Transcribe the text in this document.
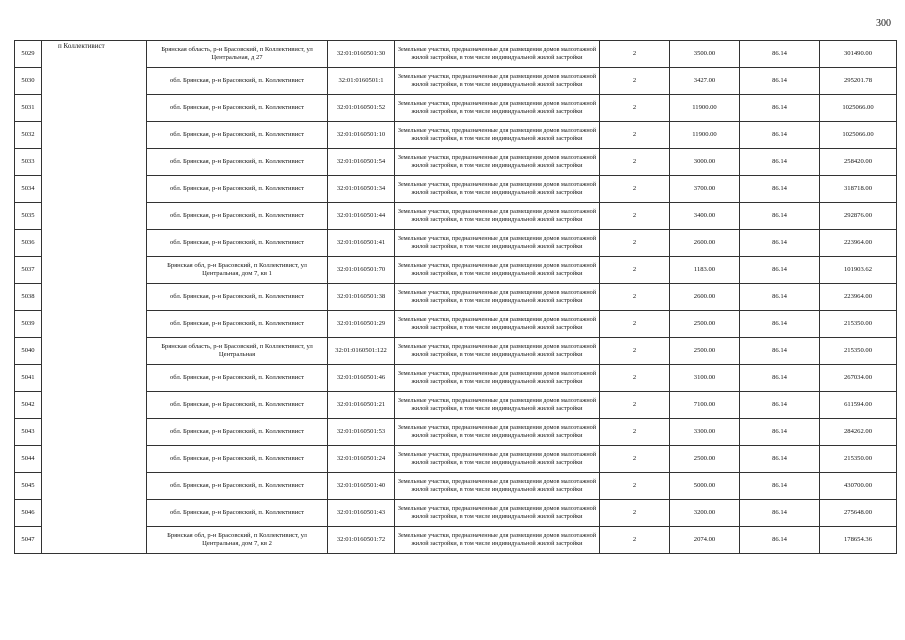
300
5029	п Коллективист	Брянская область, р-н Брасовский, п Коллективист, ул Центральная, д 27	32:01:0160501:30	Земельные участки, предназначенные для размещения домов малоэтажной жилой застройки, в том числе индивидуальной жилой застройки	2	3500.00	86.14	301490.00
5030		обл. Брянская, р-н Брасовский, п. Коллективист	32:01:0160501:1	Земельные участки, предназначенные для размещения домов малоэтажной жилой застройки, в том числе индивидуальной жилой застройки	2	3427.00	86.14	295201.78
5031		обл. Брянская, р-н Брасовский, п. Коллективист	32:01:0160501:52	Земельные участки, предназначенные для размещения домов малоэтажной жилой застройки, в том числе индивидуальной жилой застройки	2	11900.00	86.14	1025066.00
5032		обл. Брянская, р-н Брасовский, п. Коллективист	32:01:0160501:10	Земельные участки, предназначенные для размещения домов малоэтажной жилой застройки, в том числе индивидуальной жилой застройки	2	11900.00	86.14	1025066.00
5033		обл. Брянская, р-н Брасовский, п. Коллективист	32:01:0160501:54	Земельные участки, предназначенные для размещения домов малоэтажной жилой застройки, в том числе индивидуальной жилой застройки	2	3000.00	86.14	258420.00
5034		обл. Брянская, р-н Брасовский, п. Коллективист	32:01:0160501:34	Земельные участки, предназначенные для размещения домов малоэтажной жилой застройки, в том числе индивидуальной жилой застройки	2	3700.00	86.14	318718.00
5035		обл. Брянская, р-н Брасовский, п. Коллективист	32:01:0160501:44	Земельные участки, предназначенные для размещения домов малоэтажной жилой застройки, в том числе индивидуальной жилой застройки	2	3400.00	86.14	292876.00
5036		обл. Брянская, р-н Брасовский, п. Коллективист	32:01:0160501:41	Земельные участки, предназначенные для размещения домов малоэтажной жилой застройки, в том числе индивидуальной жилой застройки	2	2600.00	86.14	223964.00
5037		Брянская обл, р-н Брасовский, п Коллективист, ул Центральная, дом 7, кв 1	32:01:0160501:70	Земельные участки, предназначенные для размещения домов малоэтажной жилой застройки, в том числе индивидуальной жилой застройки	2	1183.00	86.14	101903.62
5038		обл. Брянская, р-н Брасовский, п. Коллективист	32:01:0160501:38	Земельные участки, предназначенные для размещения домов малоэтажной жилой застройки, в том числе индивидуальной жилой застройки	2	2600.00	86.14	223964.00
5039		обл. Брянская, р-н Брасовский, п. Коллективист	32:01:0160501:29	Земельные участки, предназначенные для размещения домов малоэтажной жилой застройки, в том числе индивидуальной жилой застройки	2	2500.00	86.14	215350.00
5040		Брянская область, р-н Брасовский, п Коллективист, ул Центральная	32:01:0160501:122	Земельные участки, предназначенные для размещения домов малоэтажной жилой застройки, в том числе индивидуальной жилой застройки	2	2500.00	86.14	215350.00
5041		обл. Брянская, р-н Брасовский, п. Коллективист	32:01:0160501:46	Земельные участки, предназначенные для размещения домов малоэтажной жилой застройки, в том числе индивидуальной жилой застройки	2	3100.00	86.14	267034.00
5042		обл. Брянская, р-н Брасовский, п. Коллективист	32:01:0160501:21	Земельные участки, предназначенные для размещения домов малоэтажной жилой застройки, в том числе индивидуальной жилой застройки	2	7100.00	86.14	611594.00
5043		обл. Брянская, р-н Брасовский, п. Коллективист	32:01:0160501:53	Земельные участки, предназначенные для размещения домов малоэтажной жилой застройки, в том числе индивидуальной жилой застройки	2	3300.00	86.14	284262.00
5044		обл. Брянская, р-н Брасовский, п. Коллективист	32:01:0160501:24	Земельные участки, предназначенные для размещения домов малоэтажной жилой застройки, в том числе индивидуальной жилой застройки	2	2500.00	86.14	215350.00
5045		обл. Брянская, р-н Брасовский, п. Коллективист	32:01:0160501:40	Земельные участки, предназначенные для размещения домов малоэтажной жилой застройки, в том числе индивидуальной жилой застройки	2	5000.00	86.14	430700.00
5046		обл. Брянская, р-н Брасовский, п. Коллективист	32:01:0160501:43	Земельные участки, предназначенные для размещения домов малоэтажной жилой застройки, в том числе индивидуальной жилой застройки	2	3200.00	86.14	275648.00
5047		Брянская обл, р-н Брасовский, п Коллективист, ул Центральная, дом 7, кв 2	32:01:0160501:72	Земельные участки, предназначенные для размещения домов малоэтажной жилой застройки, в том числе индивидуальной жилой застройки	2	2074.00	86.14	178654.36
